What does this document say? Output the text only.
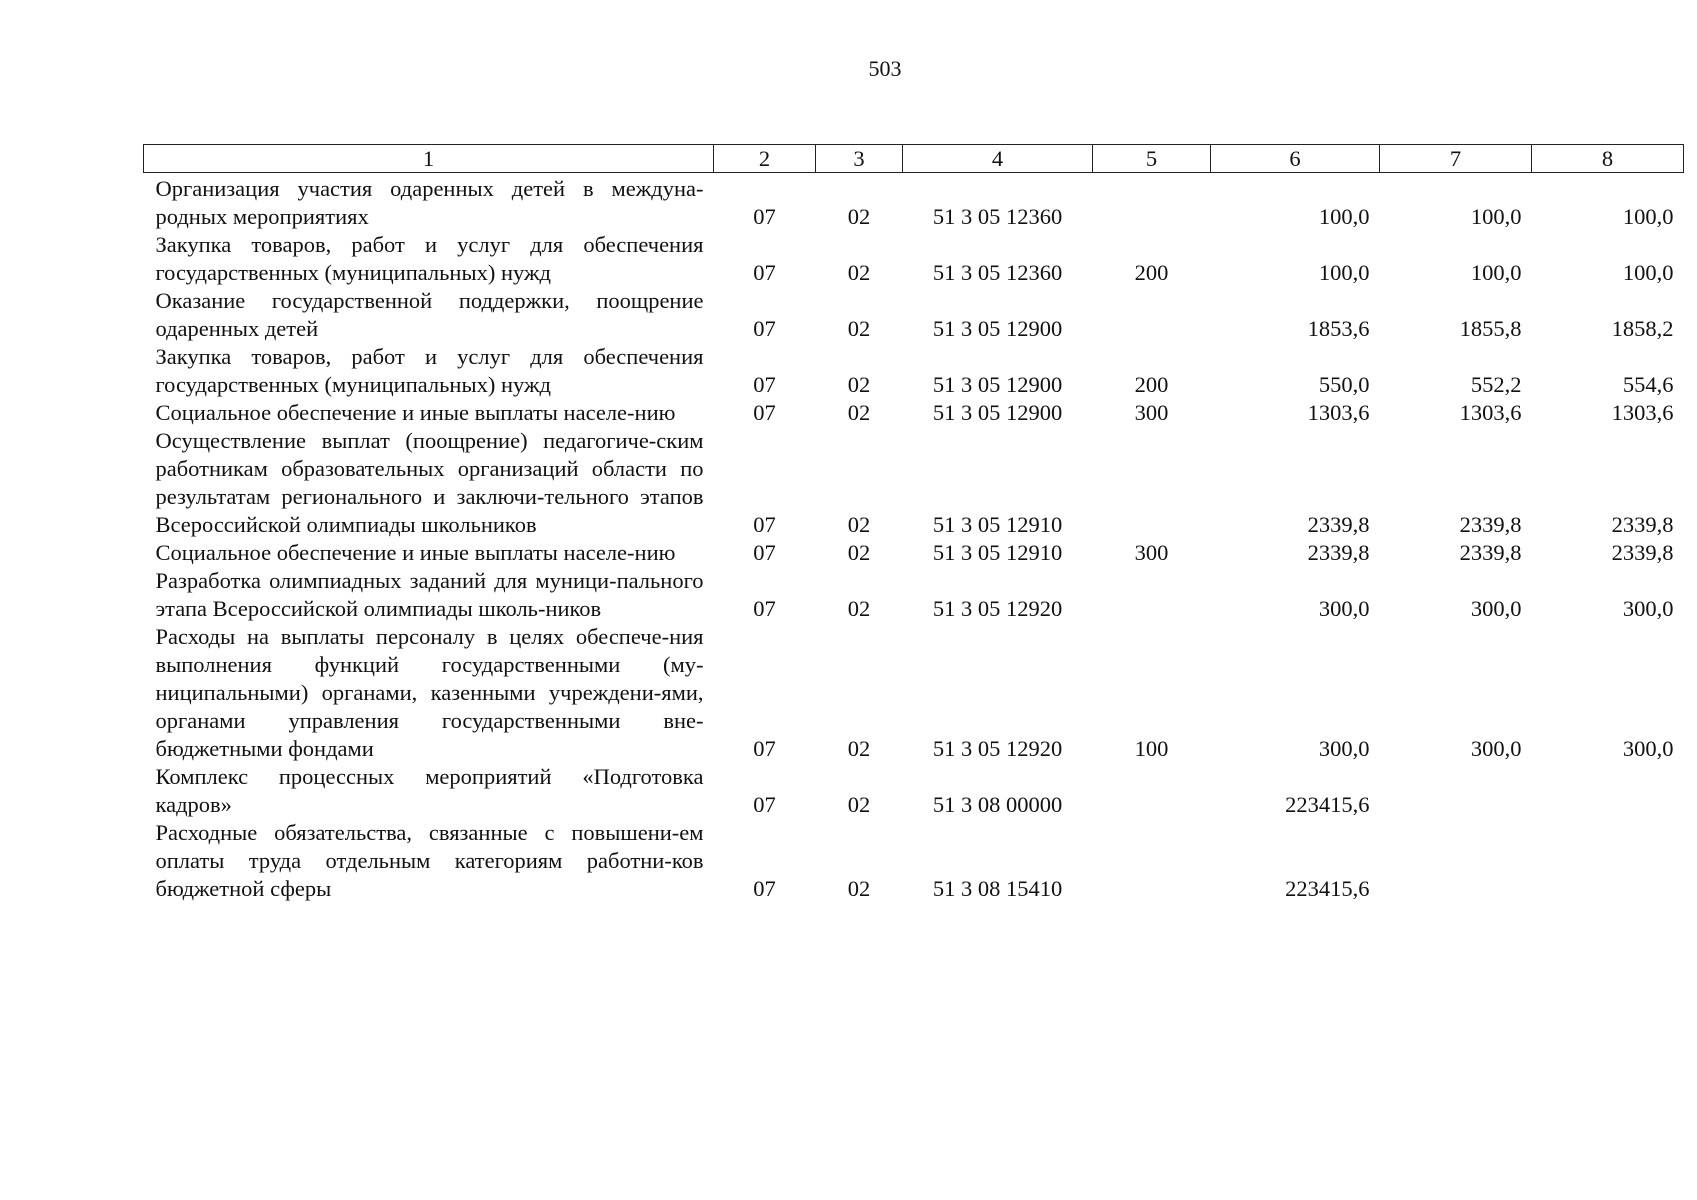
503
1	2	3	4	5	6	7	8
Организация участия одаренных детей в междуна-родных мероприятиях	07	02	51 3 05 12360		100,0	100,0	100,0
Закупка товаров, работ и услуг для обеспечения государственных (муниципальных) нужд	07	02	51 3 05 12360	200	100,0	100,0	100,0
Оказание государственной поддержки, поощрение одаренных детей	07	02	51 3 05 12900		1853,6	1855,8	1858,2
Закупка товаров, работ и услуг для обеспечения государственных (муниципальных) нужд	07	02	51 3 05 12900	200	550,0	552,2	554,6
Социальное обеспечение и иные выплаты населе-нию	07	02	51 3 05 12900	300	1303,6	1303,6	1303,6
Осуществление выплат (поощрение) педагогиче-ским работникам образовательных организаций области по результатам регионального и заключи-тельного этапов Всероссийской олимпиады школьников	07	02	51 3 05 12910		2339,8	2339,8	2339,8
Социальное обеспечение и иные выплаты населе-нию	07	02	51 3 05 12910	300	2339,8	2339,8	2339,8
Разработка олимпиадных заданий для муници-пального этапа Всероссийской олимпиады школь-ников	07	02	51 3 05 12920		300,0	300,0	300,0
Расходы на выплаты персоналу в целях обеспече-ния выполнения функций государственными (му-ниципальными) органами, казенными учреждени-ями, органами управления государственными вне-бюджетными фондами	07	02	51 3 05 12920	100	300,0	300,0	300,0
Комплекс процессных мероприятий «Подготовка кадров»	07	02	51 3 08 00000		223415,6		
Расходные обязательства, связанные с повышени-ем оплаты труда отдельным категориям работни-ков бюджетной сферы	07	02	51 3 08 15410		223415,6		
